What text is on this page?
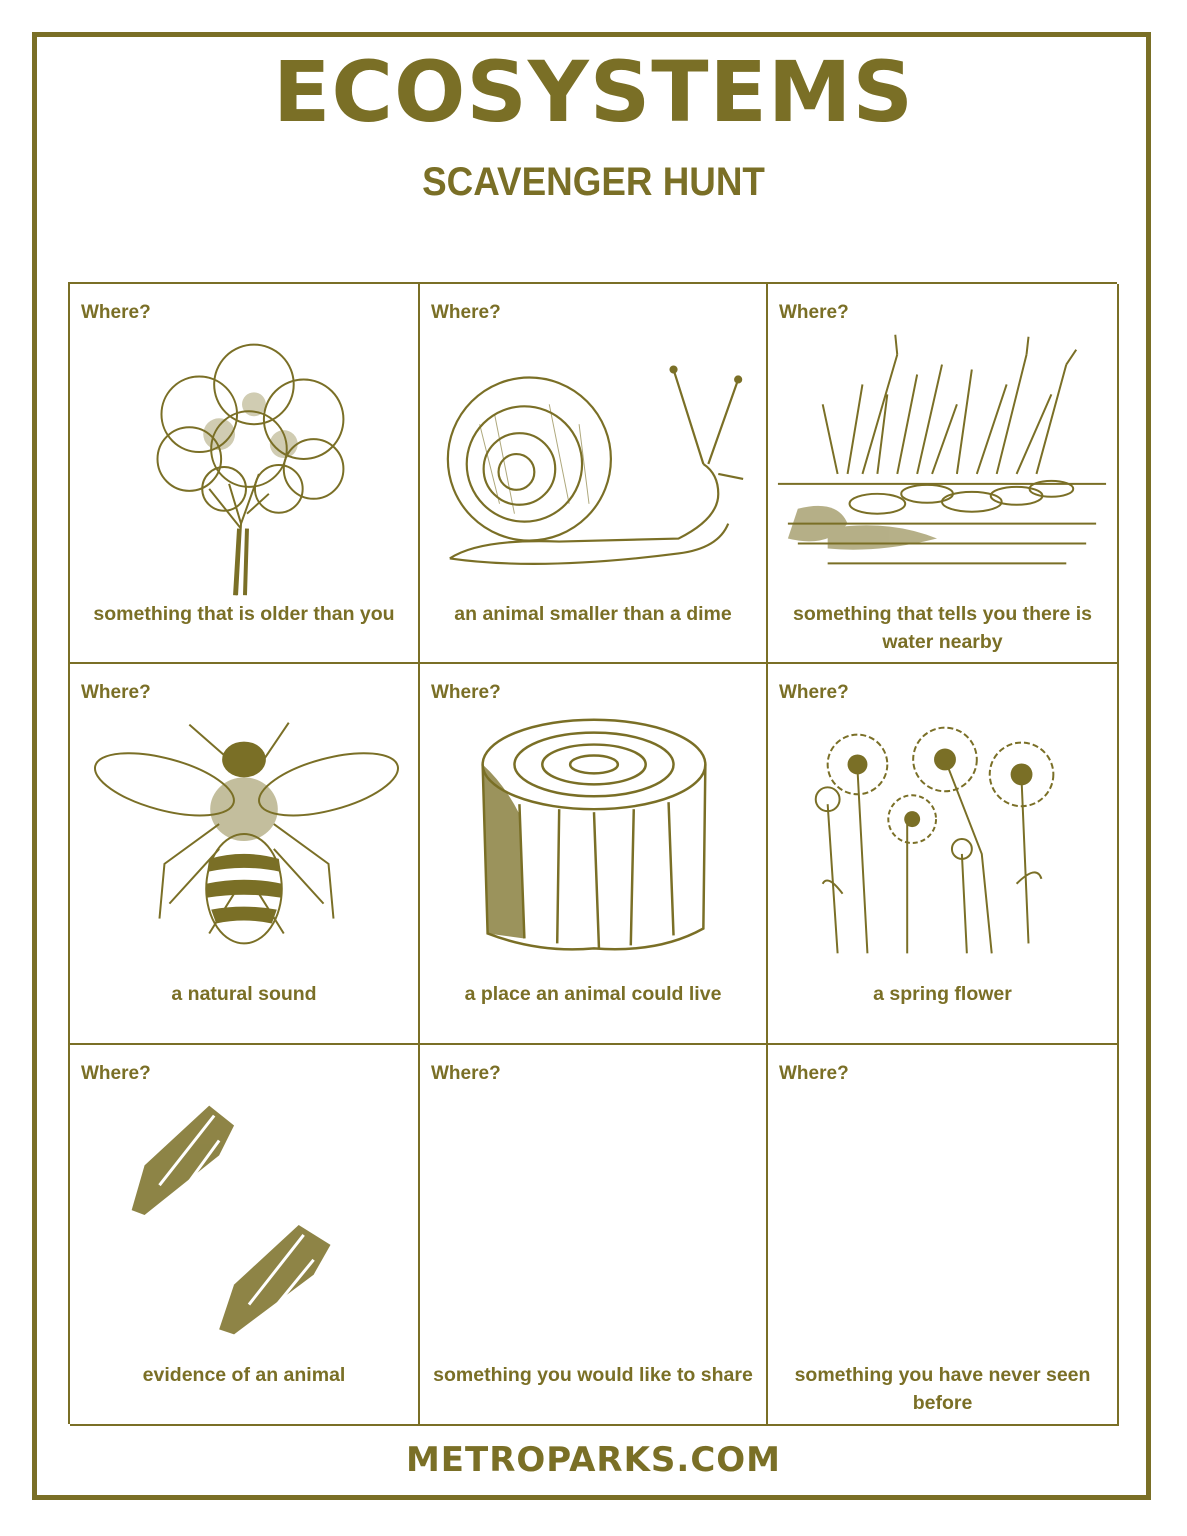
ECOSYSTEMS
SCAVENGER HUNT
Where?
something that is older than you
Where?
an animal smaller than a dime
Where?
something that tells you there is water nearby
Where?
a natural sound
Where?
a place an animal could live
Where?
a spring flower
Where?
evidence of an animal
Where?
something you would like to share
Where?
something you have never seen before
METROPARKS.COM
